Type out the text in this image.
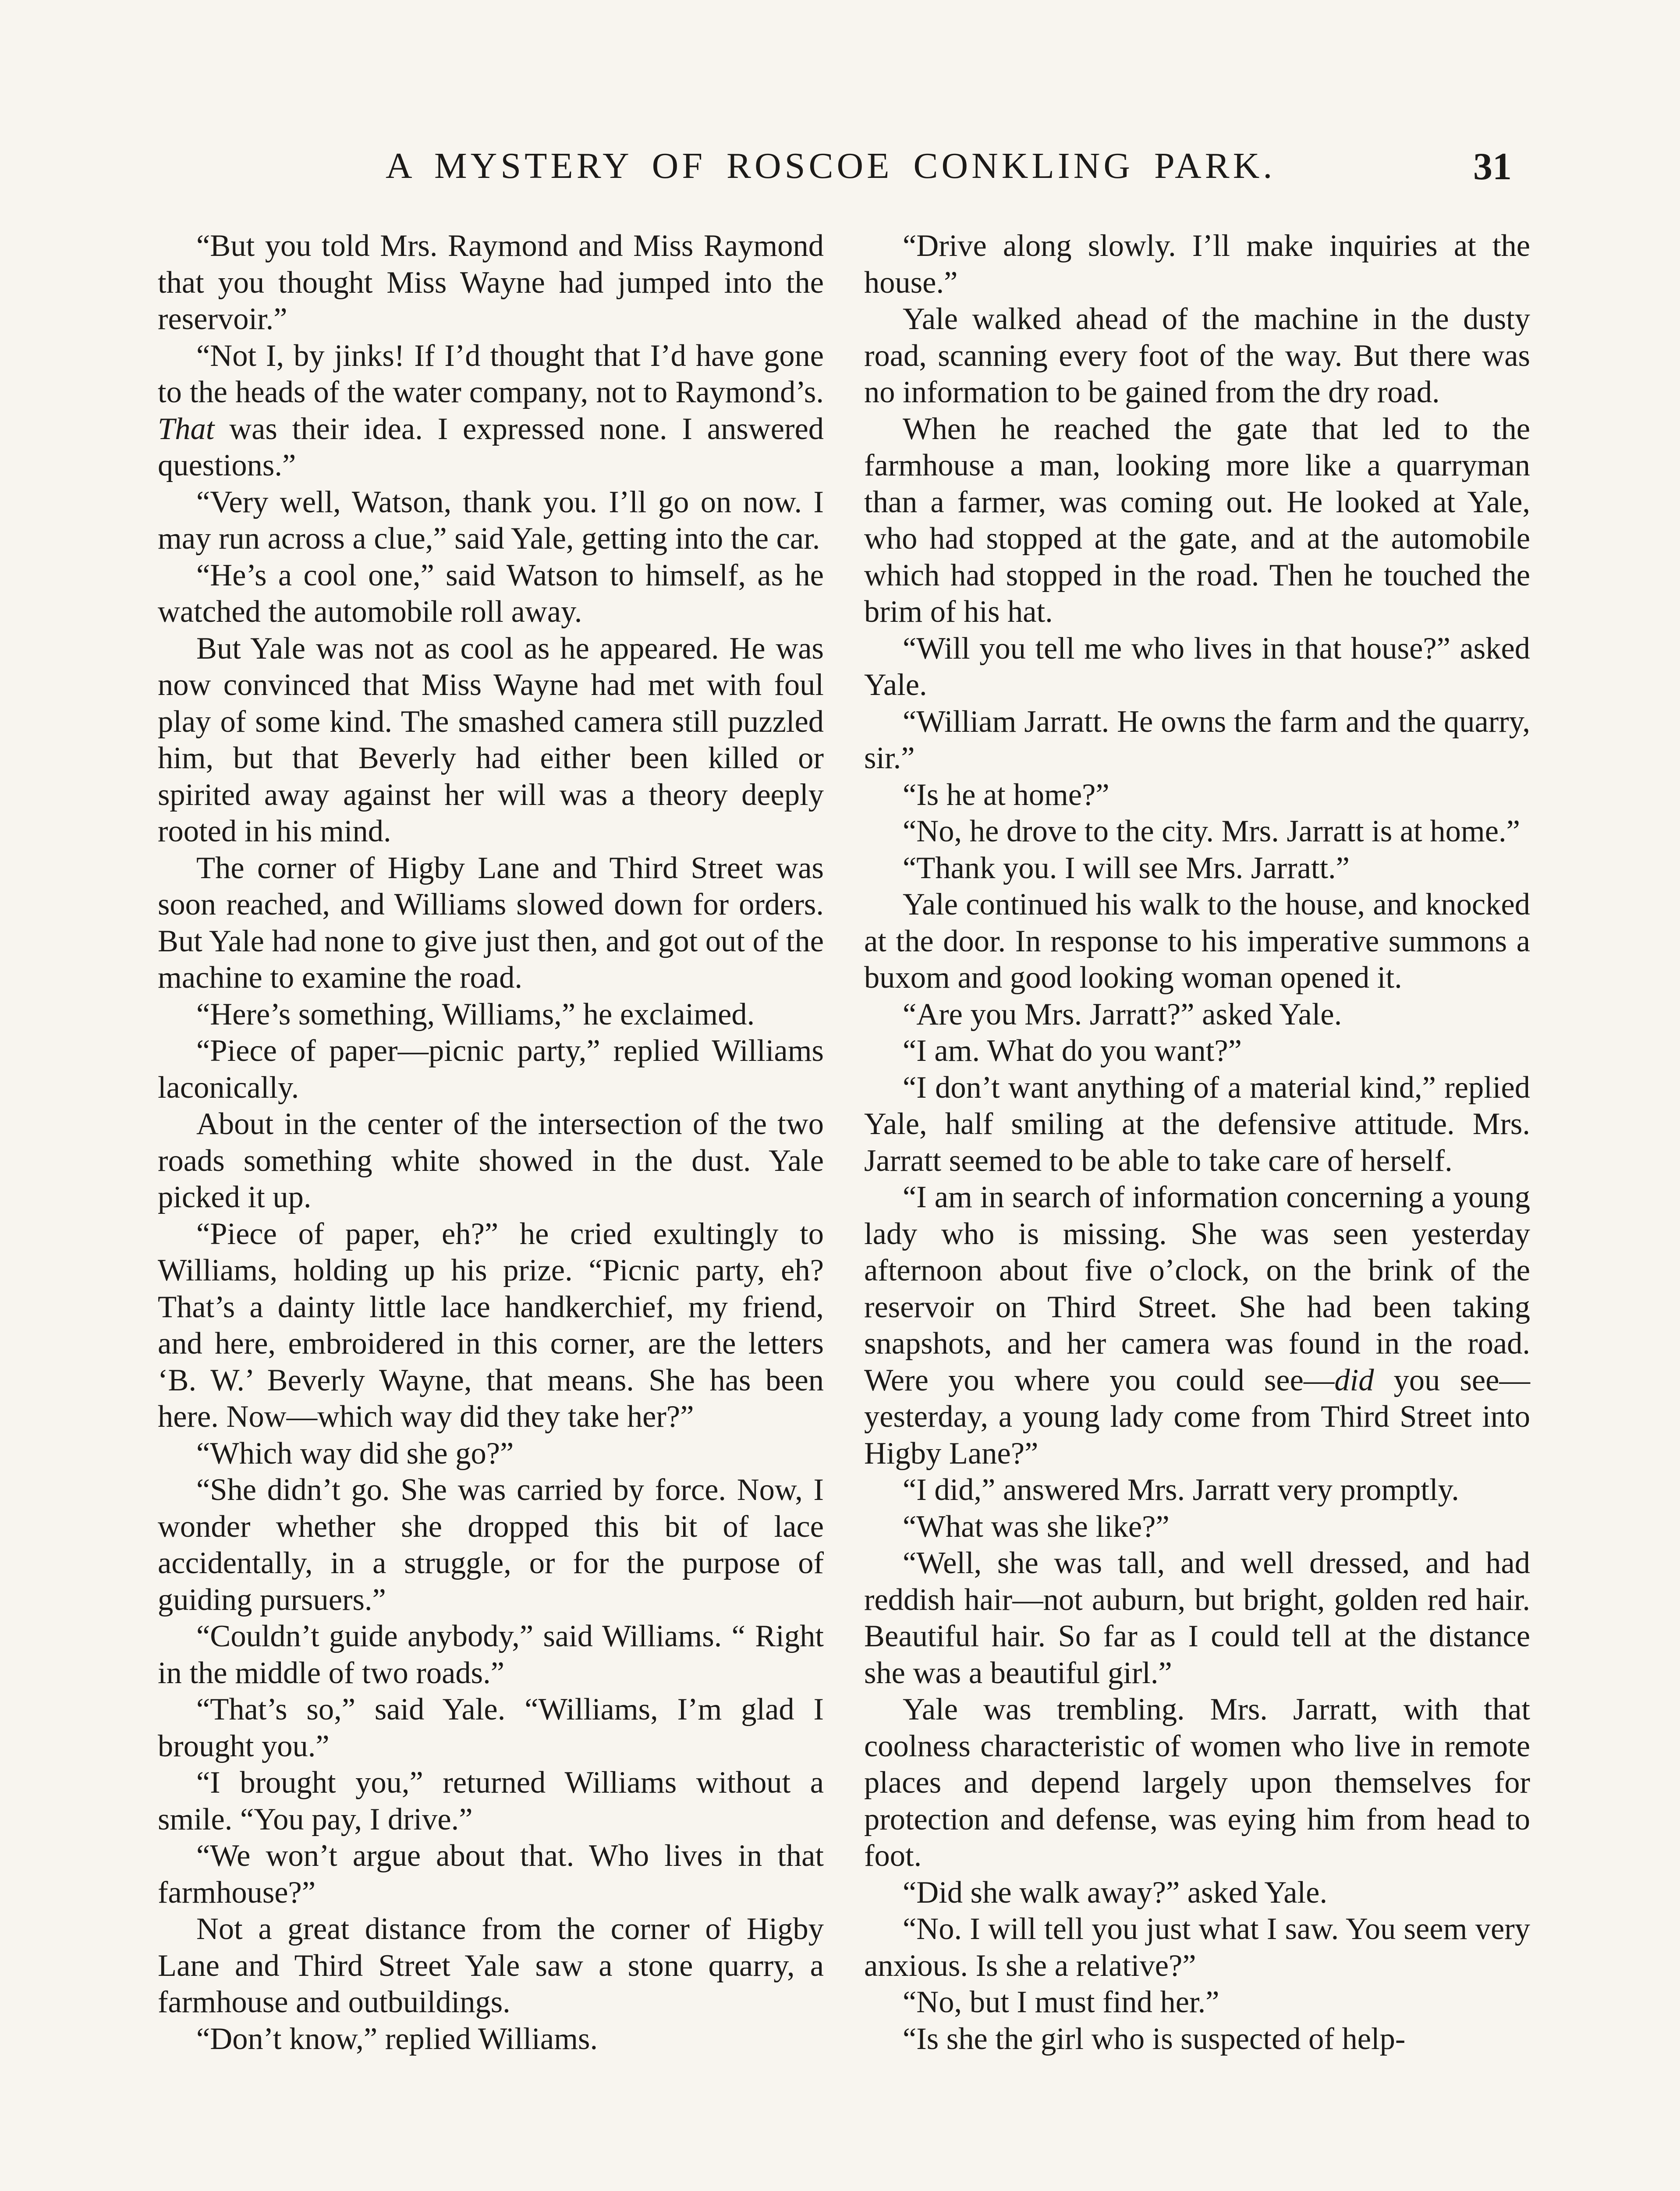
A MYSTERY OF ROSCOE CONKLING PARK.	31

“But you told Mrs. Raymond and Miss Raymond that you thought Miss Wayne had jumped into the reservoir.”

“Not I, by jinks! If I’d thought that I’d have gone to the heads of the water company, not to Raymond’s. That was their idea. I expressed none. I answered questions.”

“Very well, Watson, thank you. I’ll go on now. I may run across a clue,” said Yale, getting into the car.

“He’s a cool one,” said Watson to himself, as he watched the automobile roll away.

But Yale was not as cool as he appeared. He was now convinced that Miss Wayne had met with foul play of some kind. The smashed camera still puzzled him, but that Beverly had either been killed or spirited away against her will was a theory deeply rooted in his mind.

The corner of Higby Lane and Third Street was soon reached, and Williams slowed down for orders. But Yale had none to give just then, and got out of the machine to examine the road.

“Here’s something, Williams,” he exclaimed.

“Piece of paper—picnic party,” replied Williams laconically.

About in the center of the intersection of the two roads something white showed in the dust. Yale picked it up.

“Piece of paper, eh?” he cried exultingly to Williams, holding up his prize. “Picnic party, eh? That’s a dainty little lace handkerchief, my friend, and here, embroidered in this corner, are the letters ‘B. W.’ Beverly Wayne, that means. She has been here. Now—which way did they take her?”

“Which way did she go?”

“She didn’t go. She was carried by force. Now, I wonder whether she dropped this bit of lace accidentally, in a struggle, or for the purpose of guiding pursuers.”

“Couldn’t guide anybody,” said Williams. “ Right in the middle of two roads.”

“That’s so,” said Yale. “Williams, I’m glad I brought you.”

“I brought you,” returned Williams without a smile. “You pay, I drive.”

“We won’t argue about that. Who lives in that farmhouse?”

Not a great distance from the corner of Higby Lane and Third Street Yale saw a stone quarry, a farmhouse and outbuildings.

“Don’t know,” replied Williams.

“Drive along slowly. I’ll make inquiries at the house.”

Yale walked ahead of the machine in the dusty road, scanning every foot of the way. But there was no information to be gained from the dry road.

When he reached the gate that led to the farmhouse a man, looking more like a quarryman than a farmer, was coming out. He looked at Yale, who had stopped at the gate, and at the automobile which had stopped in the road. Then he touched the brim of his hat.

“Will you tell me who lives in that house?” asked Yale.

“William Jarratt. He owns the farm and the quarry, sir.”

“Is he at home?”

“No, he drove to the city. Mrs. Jarratt is at home.”

“Thank you. I will see Mrs. Jarratt.”

Yale continued his walk to the house, and knocked at the door. In response to his imperative summons a buxom and good looking woman opened it.

“Are you Mrs. Jarratt?” asked Yale.

“I am. What do you want?”

“I don’t want anything of a material kind,” replied Yale, half smiling at the defensive attitude. Mrs. Jarratt seemed to be able to take care of herself.

“I am in search of information concerning a young lady who is missing. She was seen yesterday afternoon about five o’clock, on the brink of the reservoir on Third Street. She had been taking snapshots, and her camera was found in the road. Were you where you could see—did you see—yesterday, a young lady come from Third Street into Higby Lane?”

“I did,” answered Mrs. Jarratt very promptly.

“What was she like?”

“Well, she was tall, and well dressed, and had reddish hair—not auburn, but bright, golden red hair. Beautiful hair. So far as I could tell at the distance she was a beautiful girl.”

Yale was trembling. Mrs. Jarratt, with that coolness characteristic of women who live in remote places and depend largely upon themselves for protection and defense, was eying him from head to foot.

“Did she walk away?” asked Yale.

“No. I will tell you just what I saw. You seem very anxious. Is she a relative?”

“No, but I must find her.”

“Is she the girl who is suspected of help-
